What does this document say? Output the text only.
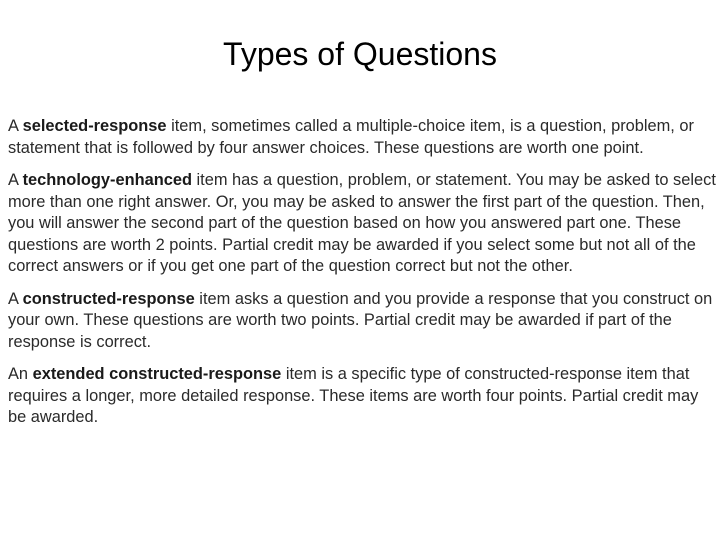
Types of Questions

A selected-response item, sometimes called a multiple-choice item, is a question, problem, or statement that is followed by four answer choices. These questions are worth one point.

A technology-enhanced item has a question, problem, or statement. You may be asked to select more than one right answer. Or, you may be asked to answer the first part of the question. Then, you will answer the second part of the question based on how you answered part one. These questions are worth 2 points. Partial credit may be awarded if you select some but not all of the correct answers or if you get one part of the question correct but not the other.

A constructed-response item asks a question and you provide a response that you construct on your own. These questions are worth two points. Partial credit may be awarded if part of the response is correct.

An extended constructed-response item is a specific type of constructed-response item that requires a longer, more detailed response. These items are worth four points. Partial credit may be awarded.
